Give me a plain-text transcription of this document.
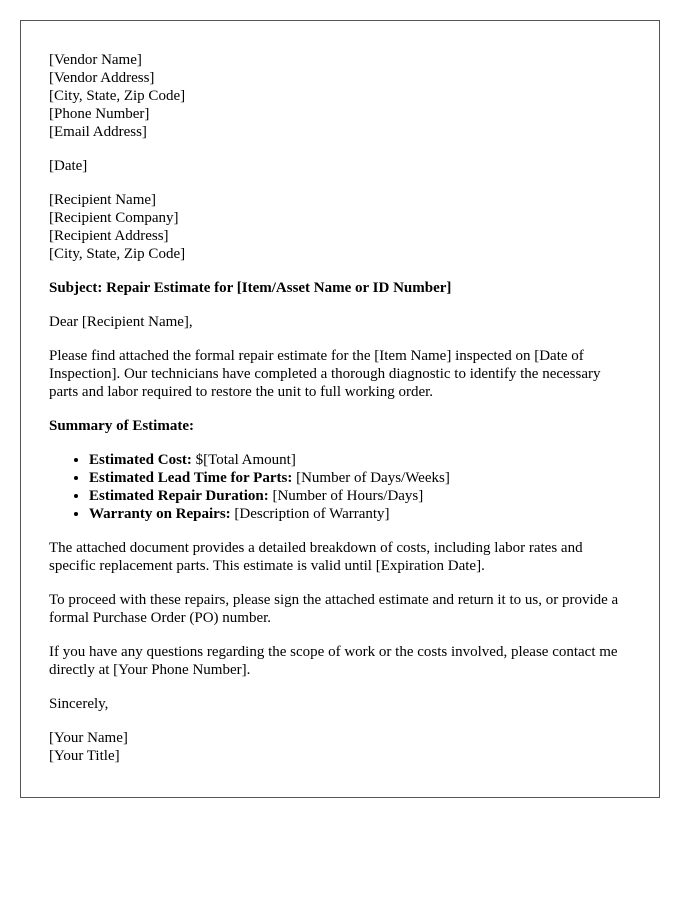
[Vendor Name]
[Vendor Address]
[City, State, Zip Code]
[Phone Number]
[Email Address]
[Date]
[Recipient Name]
[Recipient Company]
[Recipient Address]
[City, State, Zip Code]
Subject: Repair Estimate for [Item/Asset Name or ID Number]

Dear [Recipient Name],

Please find attached the formal repair estimate for the [Item Name] inspected on [Date of Inspection]. Our technicians have completed a thorough diagnostic to identify the necessary parts and labor required to restore the unit to full working order.

Summary of Estimate:
• Estimated Cost: $[Total Amount]
• Estimated Lead Time for Parts: [Number of Days/Weeks]
• Estimated Repair Duration: [Number of Hours/Days]
• Warranty on Repairs: [Description of Warranty]

The attached document provides a detailed breakdown of costs, including labor rates and specific replacement parts. This estimate is valid until [Expiration Date].

To proceed with these repairs, please sign the attached estimate and return it to us, or provide a formal Purchase Order (PO) number.

If you have any questions regarding the scope of work or the costs involved, please contact me directly at [Your Phone Number].

Sincerely,

[Your Name]
[Your Title]
